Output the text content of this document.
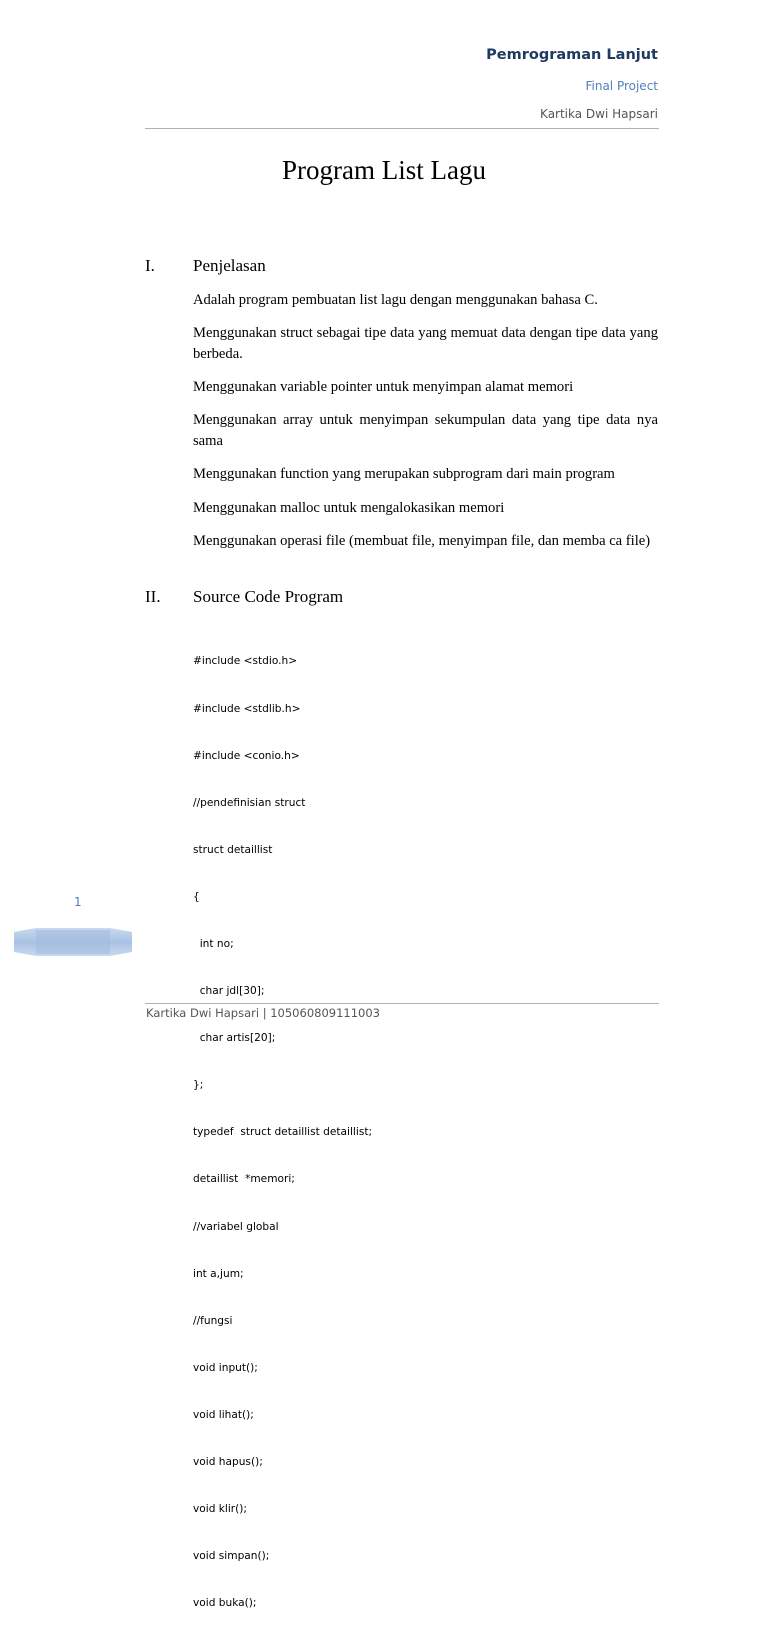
Pemrograman Lanjut
Final Project
Kartika Dwi Hapsari
Program List Lagu
I. Penjelasan
Adalah program pembuatan list lagu dengan menggunakan bahasa C.
Menggunakan struct sebagai tipe data yang memuat data dengan tipe data yang berbeda.
Menggunakan variable pointer untuk menyimpan alamat memori
Menggunakan array untuk menyimpan sekumpulan data yang tipe data nya sama
Menggunakan function yang merupakan subprogram dari main program
Menggunakan malloc untuk mengalokasikan memori
Menggunakan operasi file (membuat file, menyimpan file, dan memba ca file)
II. Source Code Program

#include <stdio.h>

#include <stdlib.h>

#include <conio.h>

//pendefinisian struct

struct detaillist

{

int no;

char jdl[30];

char artis[20];

};

typedef  struct detaillist detaillist;

detaillist  *memori;

//variabel global

int a,jum;

//fungsi

void input();

void lihat();

void hapus();

void klir();

void simpan();

void buka();

1
Kartika Dwi Hapsari | 105060809111003
